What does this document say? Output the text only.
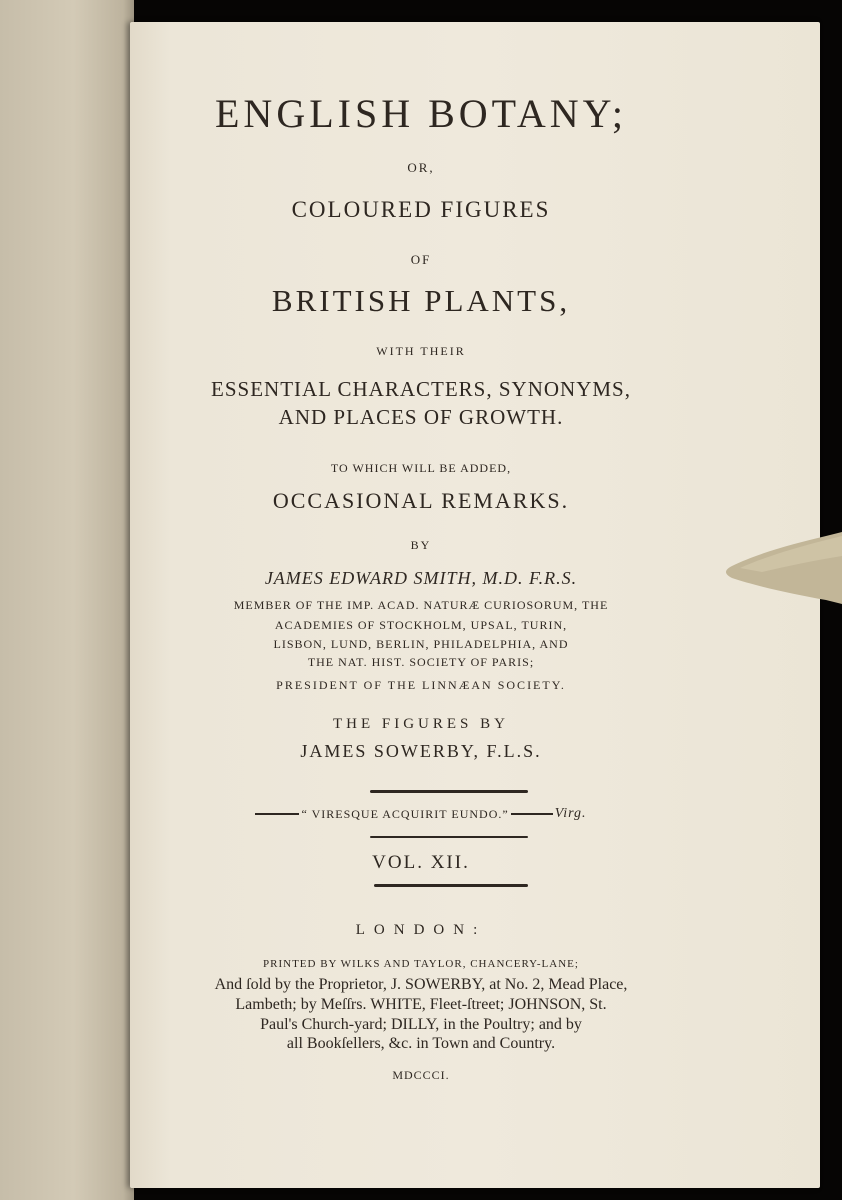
ENGLISH BOTANY;

OR,

COLOURED FIGURES

OF

BRITISH PLANTS,

WITH THEIR

ESSENTIAL CHARACTERS, SYNONYMS,

AND PLACES OF GROWTH.

TO WHICH WILL BE ADDED,

OCCASIONAL REMARKS.

BY

JAMES EDWARD SMITH, M.D. F.R.S.

MEMBER OF THE IMP. ACAD. NATURÆ CURIOSORUM, THE

ACADEMIES OF STOCKHOLM, UPSAL, TURIN,

LISBON, LUND, BERLIN, PHILADELPHIA, AND

THE NAT. HIST. SOCIETY OF PARIS;

PRESIDENT OF THE LINNÆAN SOCIETY.

THE FIGURES BY

JAMES SOWERBY, F.L.S.

“ VIRESQUE ACQUIRIT EUNDO.”	Virg.

VOL. XII.

LONDON:

PRINTED BY WILKS AND TAYLOR, CHANCERY-LANE;

And ſold by the Proprietor, J. SOWERBY, at No. 2, Mead Place,

Lambeth; by Meſſrs. WHITE, Fleet-ſtreet; JOHNSON, St.

Paul's Church-yard; DILLY, in the Poultry; and by

all Bookſellers, &c. in Town and Country.

MDCCCI.
